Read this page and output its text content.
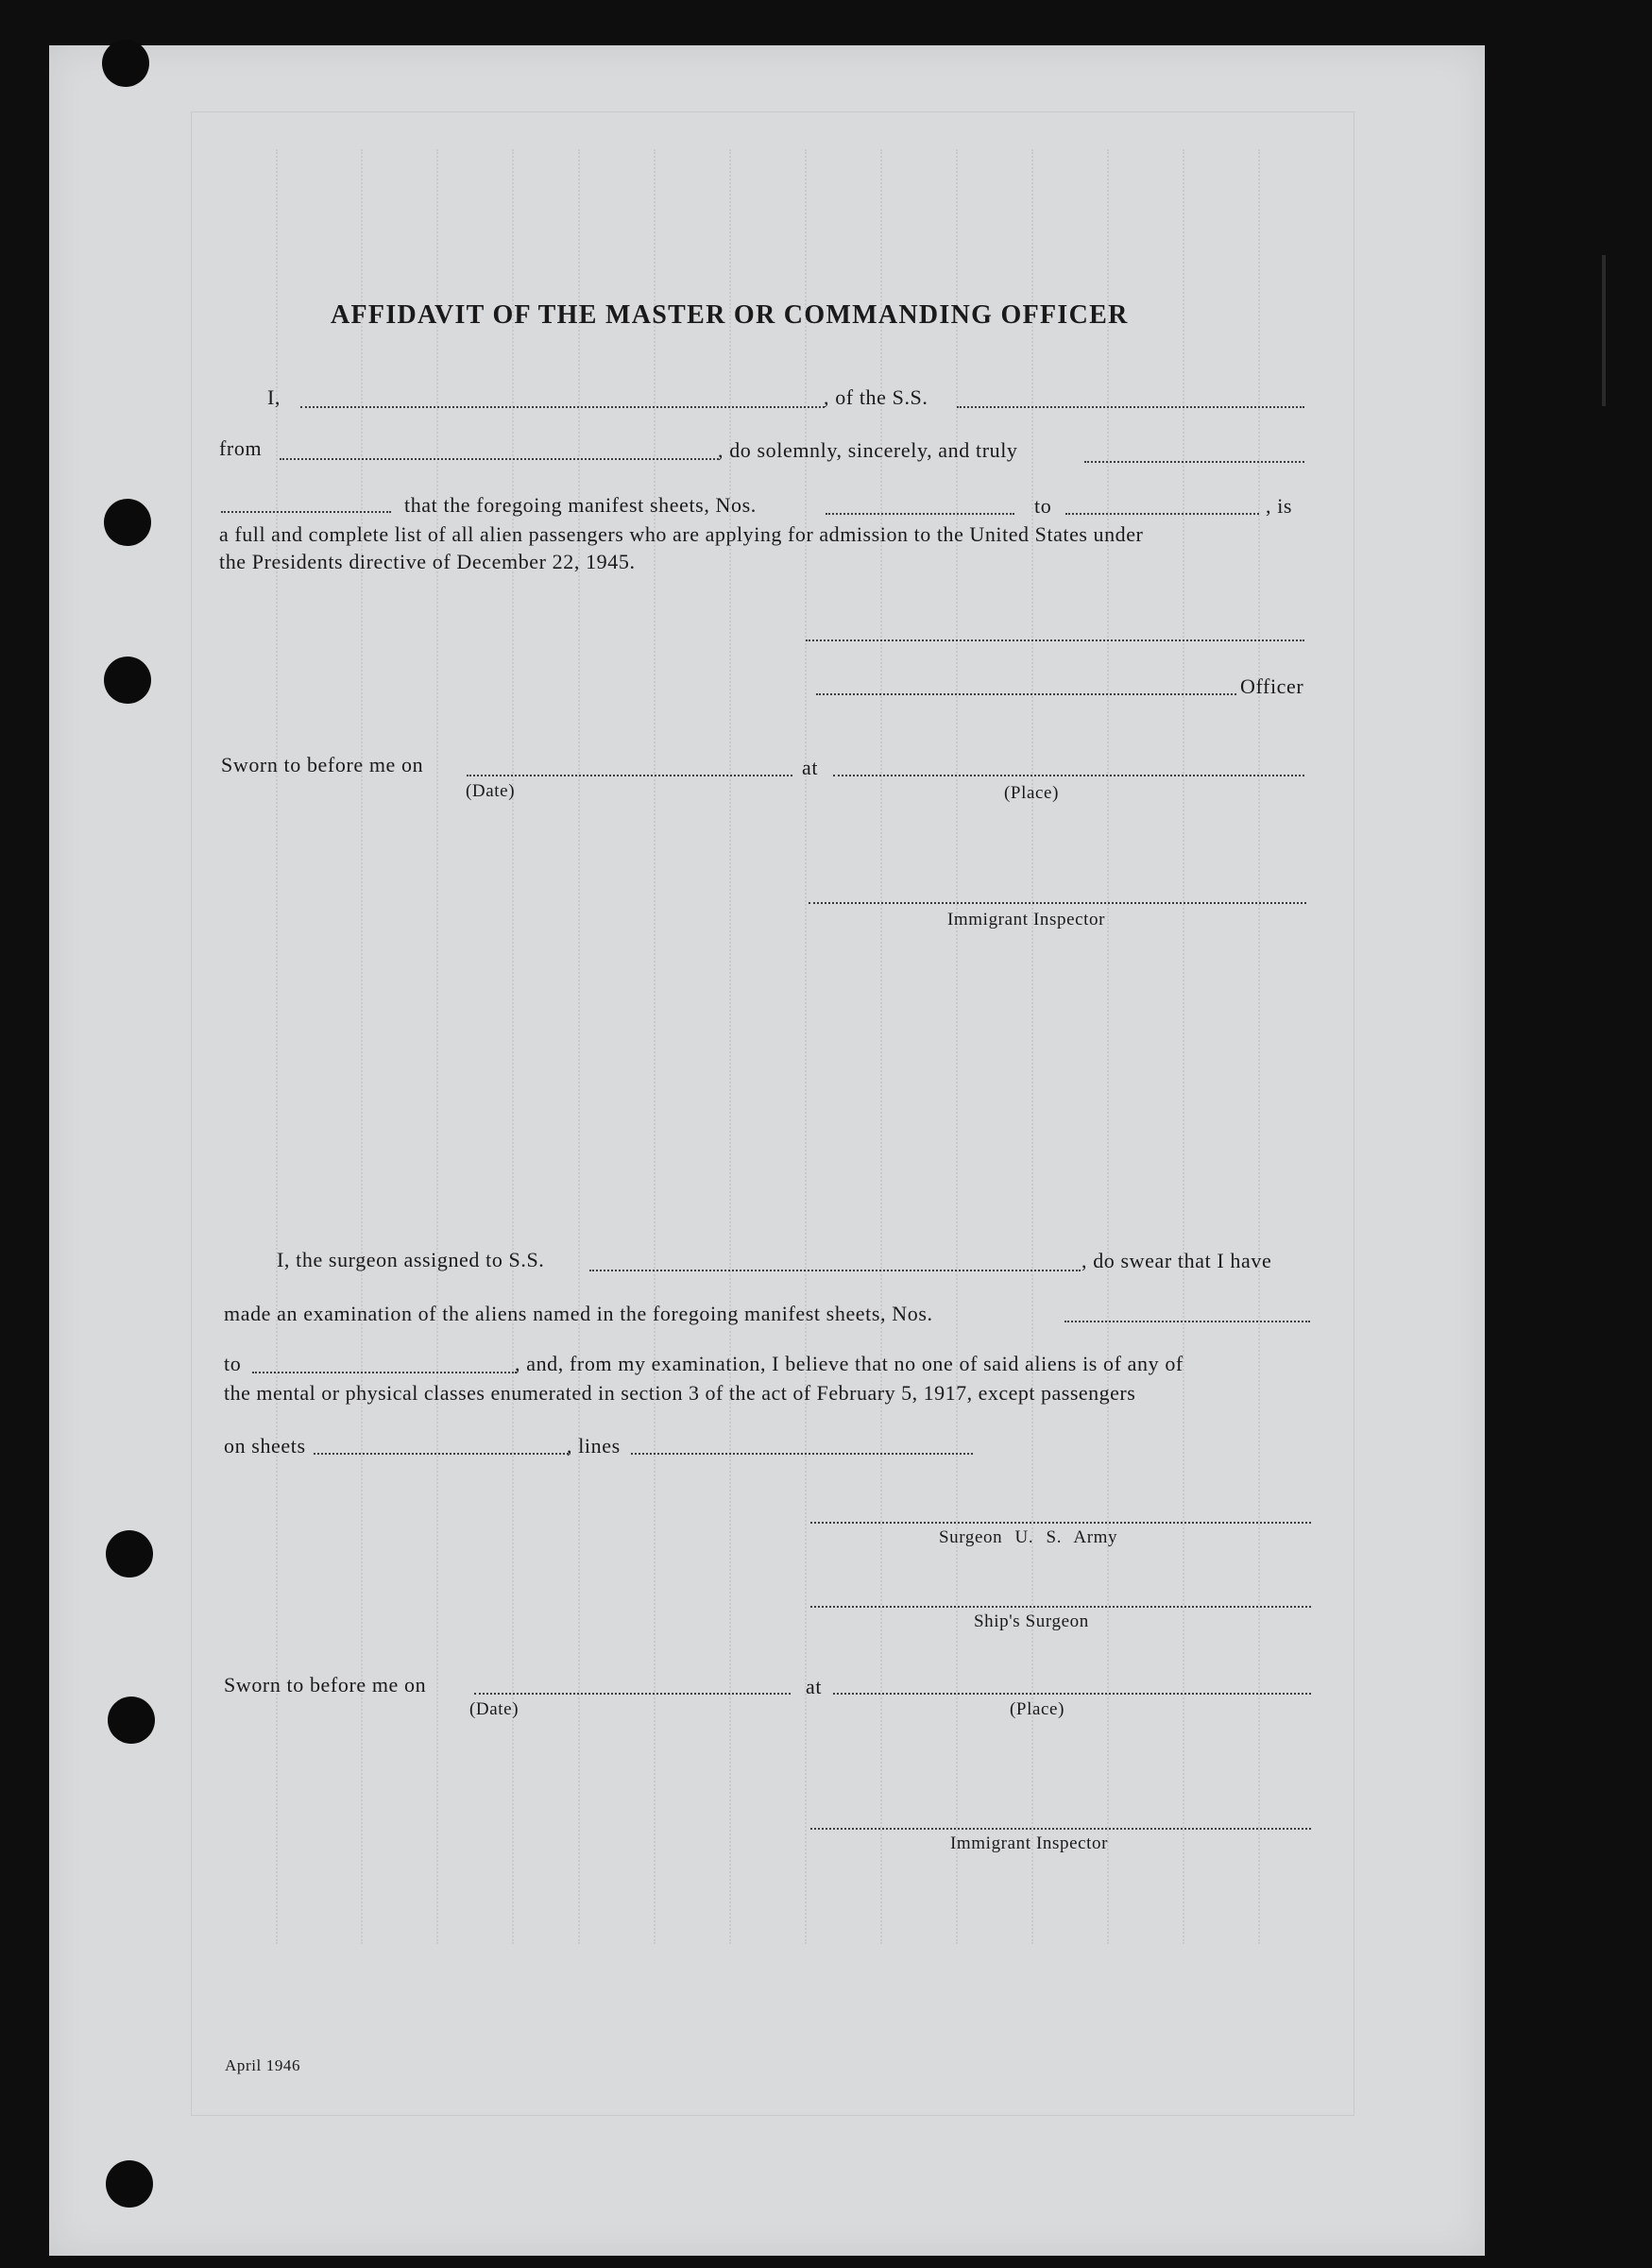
AFFIDAVIT OF THE MASTER OR COMMANDING OFFICER
I,	, of the S.S.
from	, do solemnly, sincerely, and truly
that the foregoing manifest sheets, Nos.	to	, is
a full and complete list of all alien passengers who are applying for admission to the United States under
the Presidents directive of December 22, 1945.
Officer
Sworn to before me on	at
(Date)	(Place)
Immigrant Inspector
I, the surgeon assigned to S.S.	, do swear that I have
made an examination of the aliens named in the foregoing manifest sheets, Nos.
to	, and, from my examination, I believe that no one of said aliens is of any of
the mental or physical classes enumerated in section 3 of the act of February 5, 1917, except passengers
on sheets	, lines
Surgeon U. S. Army
Ship's Surgeon
Sworn to before me on	at
(Date)	(Place)
Immigrant Inspector
April 1946
